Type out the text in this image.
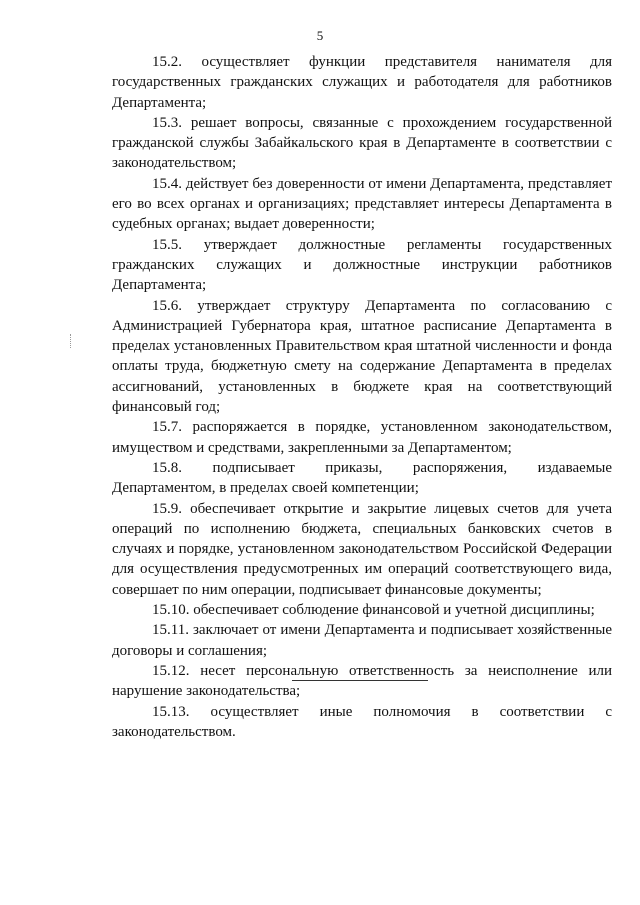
5

15.2. осуществляет функции представителя нанимателя для государственных гражданских служащих и работодателя для работников Департамента;

15.3. решает вопросы, связанные с прохождением государственной гражданской службы Забайкальского края в Департаменте в соответствии с законодательством;

15.4. действует без доверенности от имени Департамента, представляет его во всех органах и организациях; представляет интересы Департамента в судебных органах; выдает доверенности;

15.5. утверждает должностные регламенты государственных гражданских служащих и должностные инструкции работников Департамента;

15.6. утверждает структуру Департамента по согласованию с Администрацией Губернатора края, штатное расписание Департамента в пределах установленных Правительством края штатной численности и фонда оплаты труда, бюджетную смету на содержание Департамента в пределах ассигнований, установленных в бюджете края на соответствующий финансовый год;

15.7. распоряжается в порядке, установленном законодательством, имуществом и средствами, закрепленными за Департаментом;

15.8. подписывает приказы, распоряжения, издаваемые Департаментом, в пределах своей компетенции;

15.9. обеспечивает открытие и закрытие лицевых счетов для учета операций по исполнению бюджета, специальных банковских счетов в случаях и порядке, установленном законодательством Российской Федерации для осуществления предусмотренных им операций соответствующего вида, совершает по ним операции, подписывает финансовые документы;

15.10. обеспечивает соблюдение финансовой и учетной дисциплины;

15.11. заключает от имени Департамента и подписывает хозяйственные договоры и соглашения;

15.12. несет персональную ответственность за неисполнение или нарушение законодательства;

15.13. осуществляет иные полномочия в соответствии с законодательством.
